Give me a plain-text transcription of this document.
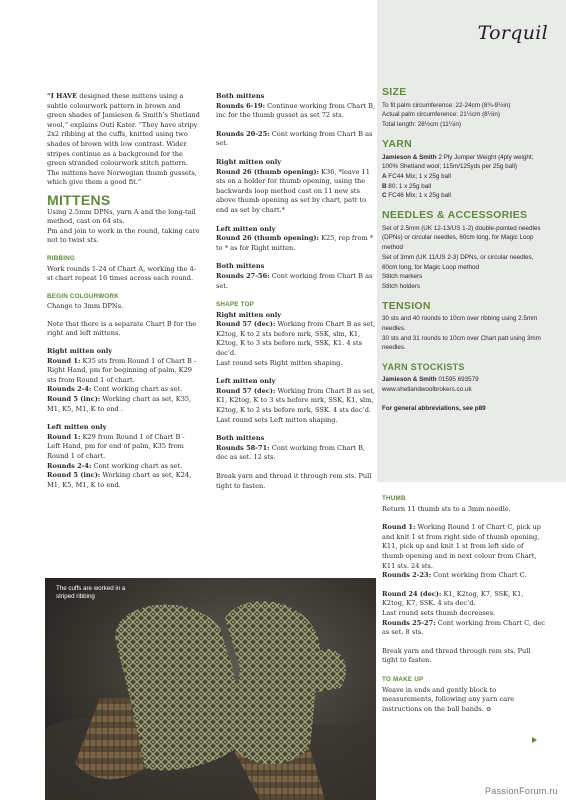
Torquil

“I HAVE designed these mittens using a subtle colourwork pattern in brown and green shades of Jamieson & Smith’s Shetland wool,” explains Outi Kater. “They have stripy 2x2 ribbing at the cuffs, knitted using two shades of brown with low contrast. Wider stripes continue as a background for the green stranded colourwork stitch pattern. The mittens have Norwegian thumb gussets, which give them a good fit.”

MITTENS

Using 2.5mm DPNs, yarn A and the long-tail method, cast on 64 sts.

Pm and join to work in the round, taking care not to twist sts.

RIBBING

Work rounds 1-24 of Chart A, working the 4-st chart repeat 16 times across each round.

BEGIN COLOURWORK

Change to 3mm DPNs.

Note that there is a separate Chart B for the right and left mittens.

Right mitten only

Round 1: K35 sts from Round 1 of Chart B - Right Hand, pm for beginning of palm, K29 sts from Round 1 of chart.

Rounds 2-4: Cont working chart as set.

Round 5 (inc): Working chart as set, K35, M1, K5, M1, K to end .

Left mitten only

Round 1: K29 from Round 1 of Chart B - Left Hand, pm for end of palm, K35 from Round 1 of chart.

Rounds 2-4: Cont working chart as set.

Round 5 (inc): Working chart as set, K24, M1, K5, M1, K to end.

Both mittens

Rounds 6-19: Continue working from Chart B, inc for the thumb gusset as set 72 sts.

Rounds 20-25: Cont working from Chart B as set.

Right mitten only

Round 26 (thumb opening): K36, *leave 11 sts on a holder for thumb opening, using the backwards loop method cast on 11 new sts above thumb opening as set by chart, patt to end as set by chart.*

Left mitten only

Round 26 (thumb opening): K25, rep from * to * as for Right mitten.

Both mittens

Rounds 27-56: Cont working from Chart B as set.

SHAPE TOP

Right mitten only

Round 57 (dec): Working from Chart B as set, K2tog, K to 2 sts before mrk, SSK, slm, K1, K2tog, K to 3 sts before mrk, SSK, K1. 4 sts dec’d.

Last round sets Right mitten shaping.

Left mitten only

Round 57 (dec): Working from Chart B as set, K1, K2tog, K to 3 sts before mrk, SSK, K1, slm, K2tog, K to 2 sts before mrk, SSK. 4 sts dec’d.

Last round sets Left mitten shaping.

Both mittens

Rounds 58-71: Cont working from Chart B, dec as set. 12 sts.

Break yarn and thread it through rem sts. Pull tight to fasten.

SIZE

To fit palm circumference: 22-24cm (8¾-9½in)

Actual palm circumference: 21½cm (8½in)

Total length: 28½cm (11¼in)

YARN

Jamieson & Smith 2 Ply Jumper Weight (4ply weight; 100% Shetland wool; 115m/125yds per 25g ball)

A FC44 Mix; 1 x 25g ball

B 80; 1 x 25g ball

C FC46 Mix; 1 x 25g ball

NEEDLES & ACCESSORIES

Set of 2.5mm (UK 12-13/US 1-2) double-pointed needles (DPNs) or circular needles, 60cm long, for Magic Loop method

Set of 3mm (UK 11/US 2-3) DPNs, or circular needles, 60cm long, for Magic Loop method

Stitch markers

Stitch holders

TENSION

30 sts and 40 rounds to 10cm over ribbing using 2.5mm needles.

30 sts and 31 rounds to 10cm over Chart patt using 3mm needles.

YARN STOCKISTS

Jamieson & Smith 01595 693579

www.shetlandwoolbrokers.co.uk

For general abbreviations, see p89

THUMB

Return 11 thumb sts to a 3mm needle.

Round 1: Working Round 1 of Chart C, pick up and knit 1 st from right side of thumb opening, K11, pick up and knit 1 st from left side of thumb opening and in next colour from Chart, K11 sts. 24 sts.

Rounds 2-23: Cont working from Chart C.

Round 24 (dec): K1, K2tog, K7, SSK, K1, K2tog, K7, SSK. 4 sts dec’d.

Last round sets thumb decreases.

Rounds 25-27: Cont working from Chart C, dec as set. 8 sts.

Break yarn and thread through rem sts. Pull tight to fasten.

TO MAKE UP

Weave in ends and gently block to measurements, following any yarn care instructions on the ball bands. ⊖

The cuffs are worked in a striped ribbing
PassionForum.ru
